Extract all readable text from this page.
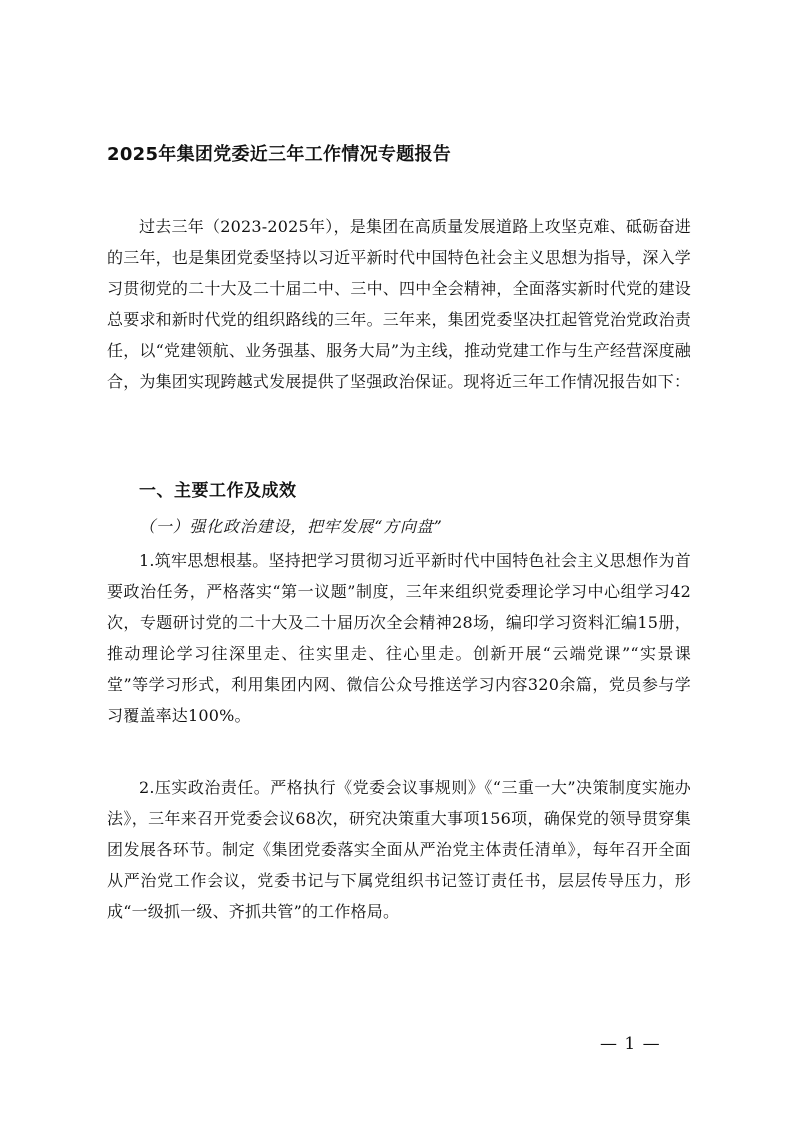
2025年集团党委近三年工作情况专题报告

过去三年（2023-2025年），是集团在高质量发展道路上攻坚克难、砥砺奋进的三年，也是集团党委坚持以习近平新时代中国特色社会主义思想为指导，深入学习贯彻党的二十大及二十届二中、三中、四中全会精神，全面落实新时代党的建设总要求和新时代党的组织路线的三年。三年来，集团党委坚决扛起管党治党政治责任，以“党建领航、业务强基、服务大局”为主线，推动党建工作与生产经营深度融合，为集团实现跨越式发展提供了坚强政治保证。现将近三年工作情况报告如下：

一、主要工作及成效
（一）强化政治建设，把牢发展“方向盘”

1.筑牢思想根基。坚持把学习贯彻习近平新时代中国特色社会主义思想作为首要政治任务，严格落实“第一议题”制度，三年来组织党委理论学习中心组学习42次，专题研讨党的二十大及二十届历次全会精神28场，编印学习资料汇编15册，推动理论学习往深里走、往实里走、往心里走。创新开展“云端党课”“实景课堂”等学习形式，利用集团内网、微信公众号推送学习内容320余篇，党员参与学习覆盖率达100%。

2.压实政治责任。严格执行《党委会议事规则》《“三重一大”决策制度实施办法》，三年来召开党委会议68次，研究决策重大事项156项，确保党的领导贯穿集团发展各环节。制定《集团党委落实全面从严治党主体责任清单》，每年召开全面从严治党工作会议，党委书记与下属党组织书记签订责任书，层层传导压力，形成“一级抓一级、齐抓共管”的工作格局。

— 1 —
